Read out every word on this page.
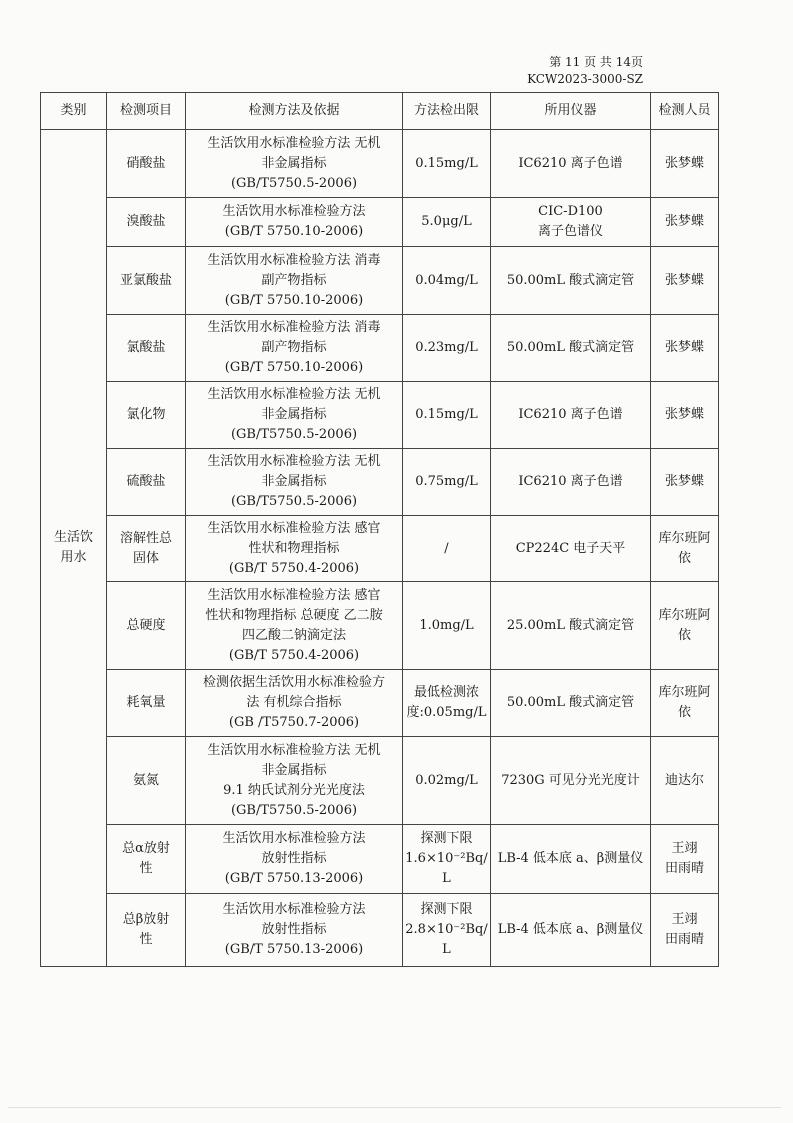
第 11 页 共 14页
KCW2023-3000-SZ
类别	检测项目	检测方法及依据	方法检出限	所用仪器	检测人员
生活饮
用水	硝酸盐	生活饮用水标准检验方法 无机
非金属指标
(GB/T5750.5-2006)	0.15mg/L	IC6210 离子色谱	张梦蝶
	溴酸盐	生活饮用水标准检验方法
(GB/T 5750.10-2006)	5.0μg/L	CIC-D100
离子色谱仪	张梦蝶
	亚氯酸盐	生活饮用水标准检验方法 消毒
副产物指标
(GB/T 5750.10-2006)	0.04mg/L	50.00mL 酸式滴定管	张梦蝶
	氯酸盐	生活饮用水标准检验方法 消毒
副产物指标
(GB/T 5750.10-2006)	0.23mg/L	50.00mL 酸式滴定管	张梦蝶
	氯化物	生活饮用水标准检验方法 无机
非金属指标
(GB/T5750.5-2006)	0.15mg/L	IC6210 离子色谱	张梦蝶
	硫酸盐	生活饮用水标准检验方法 无机
非金属指标
(GB/T5750.5-2006)	0.75mg/L	IC6210 离子色谱	张梦蝶
	溶解性总
固体	生活饮用水标准检验方法 感官
性状和物理指标
(GB/T 5750.4-2006)	/	CP224C 电子天平	库尔班阿依
	总硬度	生活饮用水标准检验方法 感官
性状和物理指标 总硬度 乙二胺
四乙酸二钠滴定法
(GB/T 5750.4-2006)	1.0mg/L	25.00mL 酸式滴定管	库尔班阿依
	耗氧量	检测依据生活饮用水标准检验方
法 有机综合指标
(GB /T5750.7-2006)	最低检测浓
度:0.05mg/L	50.00mL 酸式滴定管	库尔班阿依
	氨氮	生活饮用水标准检验方法 无机
非金属指标
9.1 纳氏试剂分光光度法
(GB/T5750.5-2006)	0.02mg/L	7230G 可见分光光度计	迪达尔
	总α放射
性	生活饮用水标准检验方法
放射性指标
(GB/T 5750.13-2006)	探测下限
1.6×10⁻²Bq/
L	LB-4 低本底 a、β测量仪	王翊
田雨晴
	总β放射
性	生活饮用水标准检验方法
放射性指标
(GB/T 5750.13-2006)	探测下限
2.8×10⁻²Bq/
L	LB-4 低本底 a、β测量仪	王翊
田雨晴
